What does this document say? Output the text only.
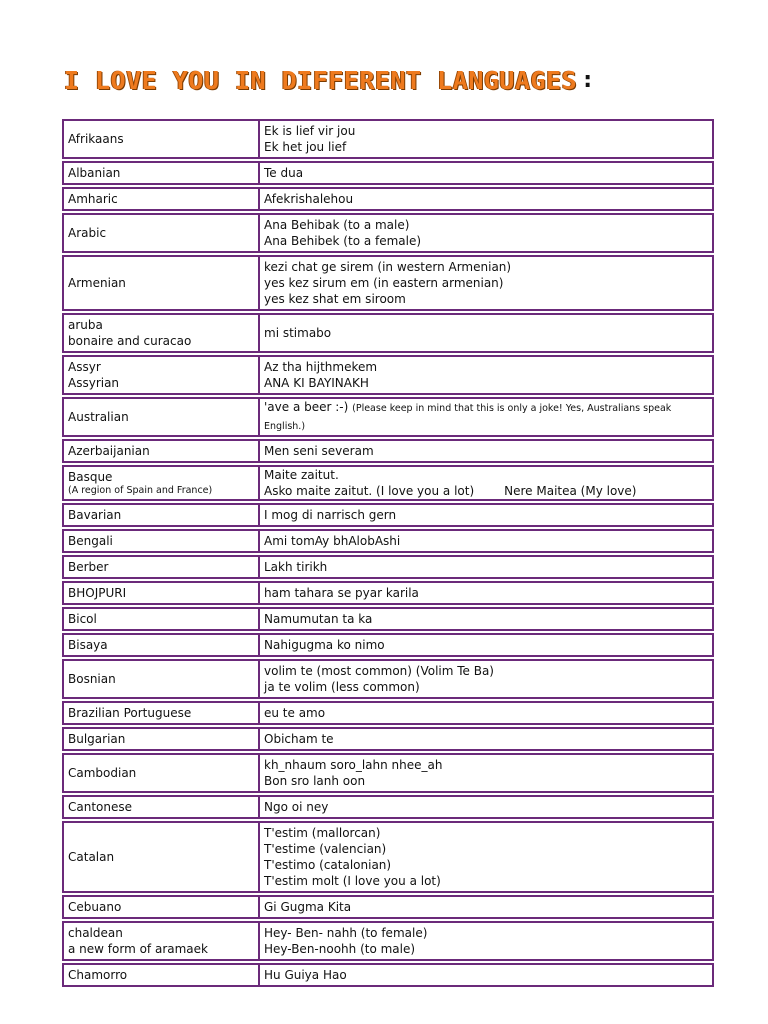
I LOVE YOU IN DIFFERENT LANGUAGES :
Afrikaans	Ek is lief vir jou
Ek het jou lief

Albanian	Te dua

Amharic	Afekrishalehou

Arabic	Ana Behibak (to a male)
Ana Behibek (to a female)

Armenian	kezi chat ge sirem (in western Armenian)
yes kez sirum em (in eastern armenian)
yes kez shat em siroom

aruba
bonaire and curacao	mi stimabo

Assyr
Assyrian	Az tha hijthmekem
ANA KI BAYINAKH

Australian	'ave a beer :-) (Please keep in mind that this is only a joke! Yes, Australians speak English.)

Azerbaijanian	Men seni severam

Basque
(A region of Spain and France)	Maite zaitut.
Asko maite zaitut. (I love you a lot) Nere Maitea (My love)

Bavarian	I mog di narrisch gern

Bengali	Ami tomAy bhAlobAshi

Berber	Lakh tirikh

BHOJPURI	ham tahara se pyar karila

Bicol	Namumutan ta ka

Bisaya	Nahigugma ko nimo

Bosnian	volim te (most common) (Volim Te Ba)
ja te volim (less common)

Brazilian Portuguese	eu te amo

Bulgarian	Obicham te

Cambodian	kh_nhaum soro_lahn nhee_ah
Bon sro lanh oon

Cantonese	Ngo oi ney

Catalan	T'estim (mallorcan)
T'estime (valencian)
T'estimo (catalonian)
T'estim molt (I love you a lot)

Cebuano	Gi Gugma Kita

chaldean
a new form of aramaek	Hey- Ben- nahh (to female)
Hey-Ben-noohh (to male)

Chamorro	Hu Guiya Hao
